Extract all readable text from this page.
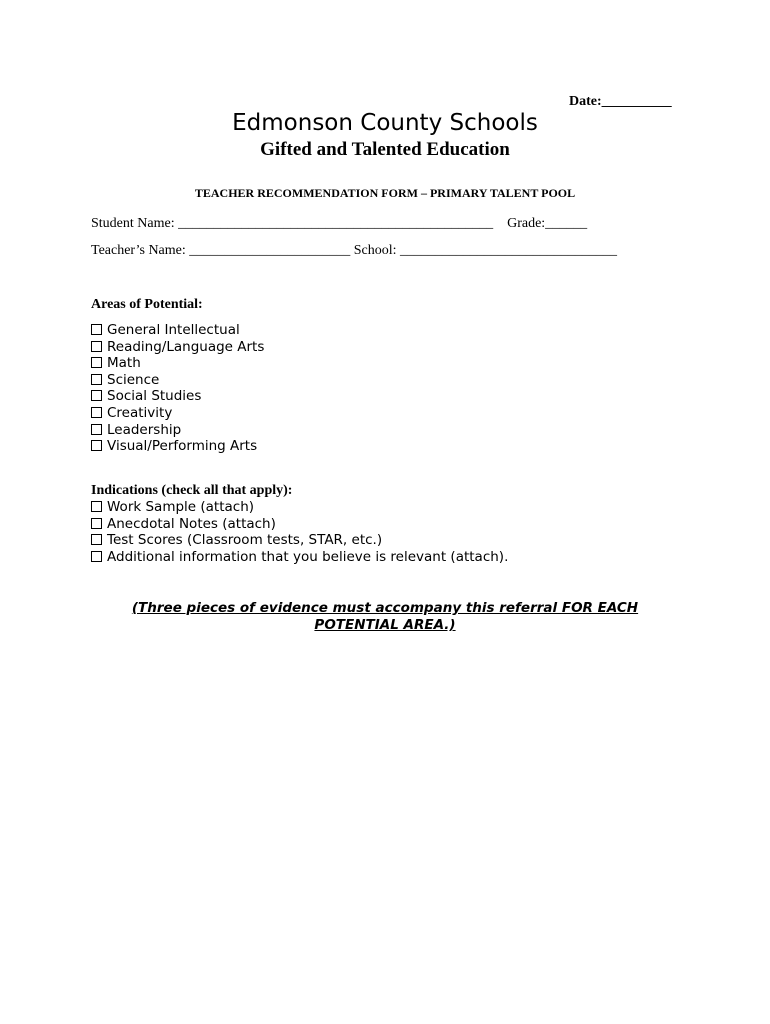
Date:__________
Edmonson County Schools
Gifted and Talented Education
TEACHER RECOMMENDATION FORM – PRIMARY TALENT POOL
Student Name: _____________________________________________    Grade:______
Teacher’s Name: _______________________ School: _______________________________
Areas of Potential:
General Intellectual
Reading/Language Arts
Math
Science
Social Studies
Creativity
Leadership
Visual/Performing Arts
Indications (check all that apply):
Work Sample (attach)
Anecdotal Notes (attach)
Test Scores (Classroom tests, STAR, etc.)
Additional information that you believe is relevant (attach).
(Three pieces of evidence must accompany this referral FOR EACH POTENTIAL AREA.)
